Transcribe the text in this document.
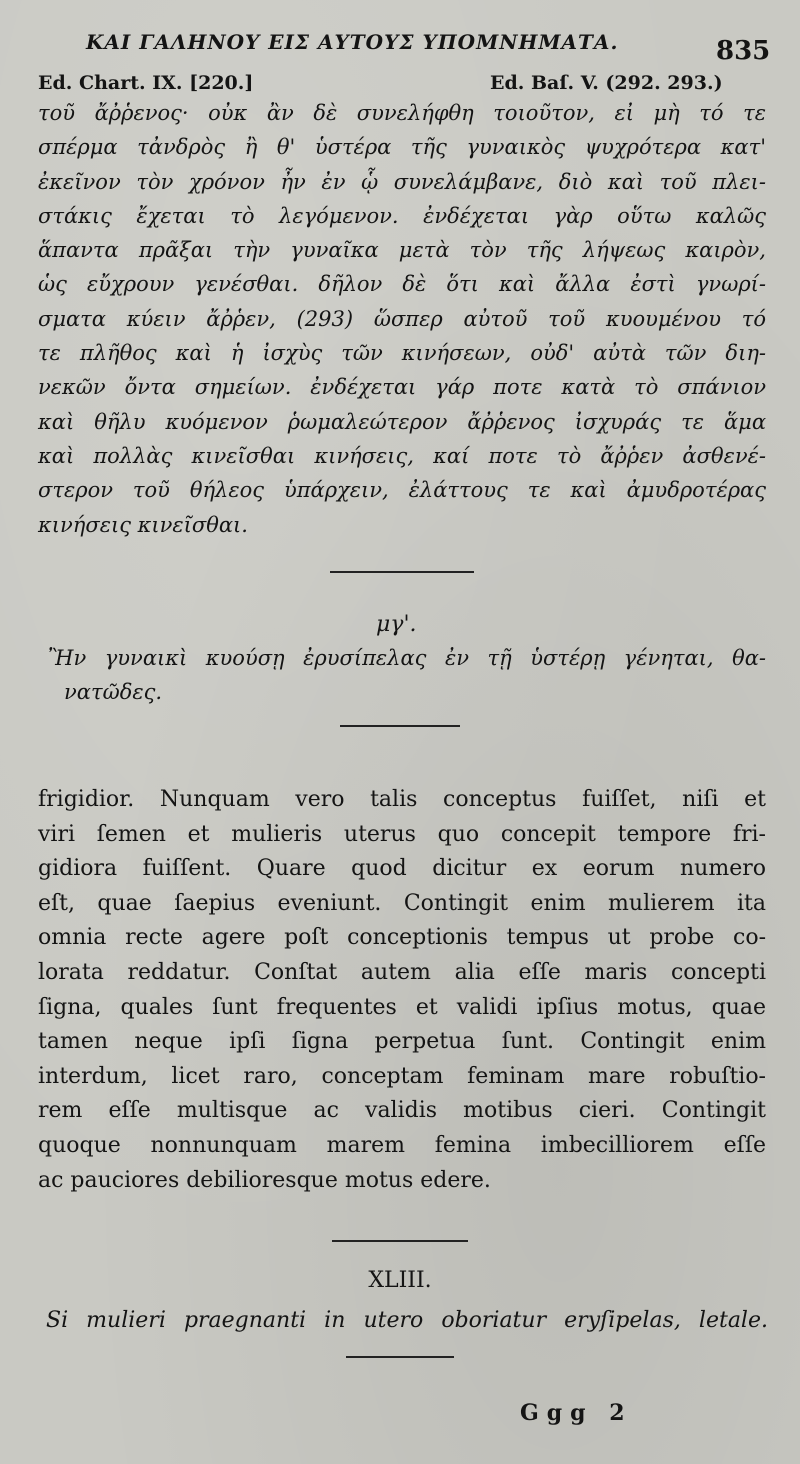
ΚΑΙ ΓΑΛΗΝΟΥ ΕΙΣ ΑΥΤΟΥΣ ΥΠΟΜΝΗΜΑΤΑ.	835
Ed. Chart. IX. [220.]	Ed. Baſ. V. (292. 293.)
τοῦ ἄῤῥενος· οὐκ ἂν δὲ συνελήφθη τοιοῦτον, εἰ μὴ τό τε
σπέρμα τἀνδρὸς ἢ θ' ὑστέρα τῆς γυναικὸς ψυχρότερα κατ'
ἐκεῖνον τὸν χρόνον ἦν ἐν ᾧ συνελάμβανε, διὸ καὶ τοῦ πλει-
στάκις ἔχεται τὸ λεγόμενον. ἐνδέχεται γὰρ οὕτω καλῶς
ἅπαντα πρᾶξαι τὴν γυναῖκα μετὰ τὸν τῆς λήψεως καιρὸν,
ὡς εὔχρουν γενέσθαι. δῆλον δὲ ὅτι καὶ ἄλλα ἐστὶ γνωρί-
σματα κύειν ἄῤῥεν, (293) ὥσπερ αὐτοῦ τοῦ κυουμένου τό
τε πλῆθος καὶ ἡ ἰσχὺς τῶν κινήσεων, οὐδ' αὐτὰ τῶν διη-
νεκῶν ὄντα σημείων. ἐνδέχεται γάρ ποτε κατὰ τὸ σπάνιον
καὶ θῆλυ κυόμενον ῥωμαλεώτερον ἄῤῥενος ἰσχυράς τε ἅμα
καὶ πολλὰς κινεῖσθαι κινήσεις, καί ποτε τὸ ἄῤῥεν ἀσθενέ-
στερον τοῦ θήλεος ὑπάρχειν, ἐλάττους τε καὶ ἀμυδροτέρας
κινήσεις κινεῖσθαι.
μγ'.
Ἢν γυναικὶ κυούσῃ ἐρυσίπελας ἐν τῇ ὑστέρῃ γένηται, θα-
νατῶδες.
frigidior. Nunquam vero talis conceptus fuiſſet, niſi et
viri ſemen et mulieris uterus quo concepit tempore fri-
gidiora fuiſſent. Quare quod dicitur ex eorum numero
eſt, quae ſaepius eveniunt. Contingit enim mulierem ita
omnia recte agere poſt conceptionis tempus ut probe co-
lorata reddatur. Conſtat autem alia eſſe maris concepti
ſigna, quales ſunt frequentes et validi ipſius motus, quae
tamen neque ipſi ſigna perpetua ſunt. Contingit enim
interdum, licet raro, conceptam feminam mare robuſtio-
rem eſſe multisque ac validis motibus cieri. Contingit
quoque nonnunquam marem femina imbecilliorem eſſe
ac pauciores debilioresque motus edere.
XLIII.
Si mulieri praegnanti in utero oboriatur eryſipelas, letale.
Ggg 2
